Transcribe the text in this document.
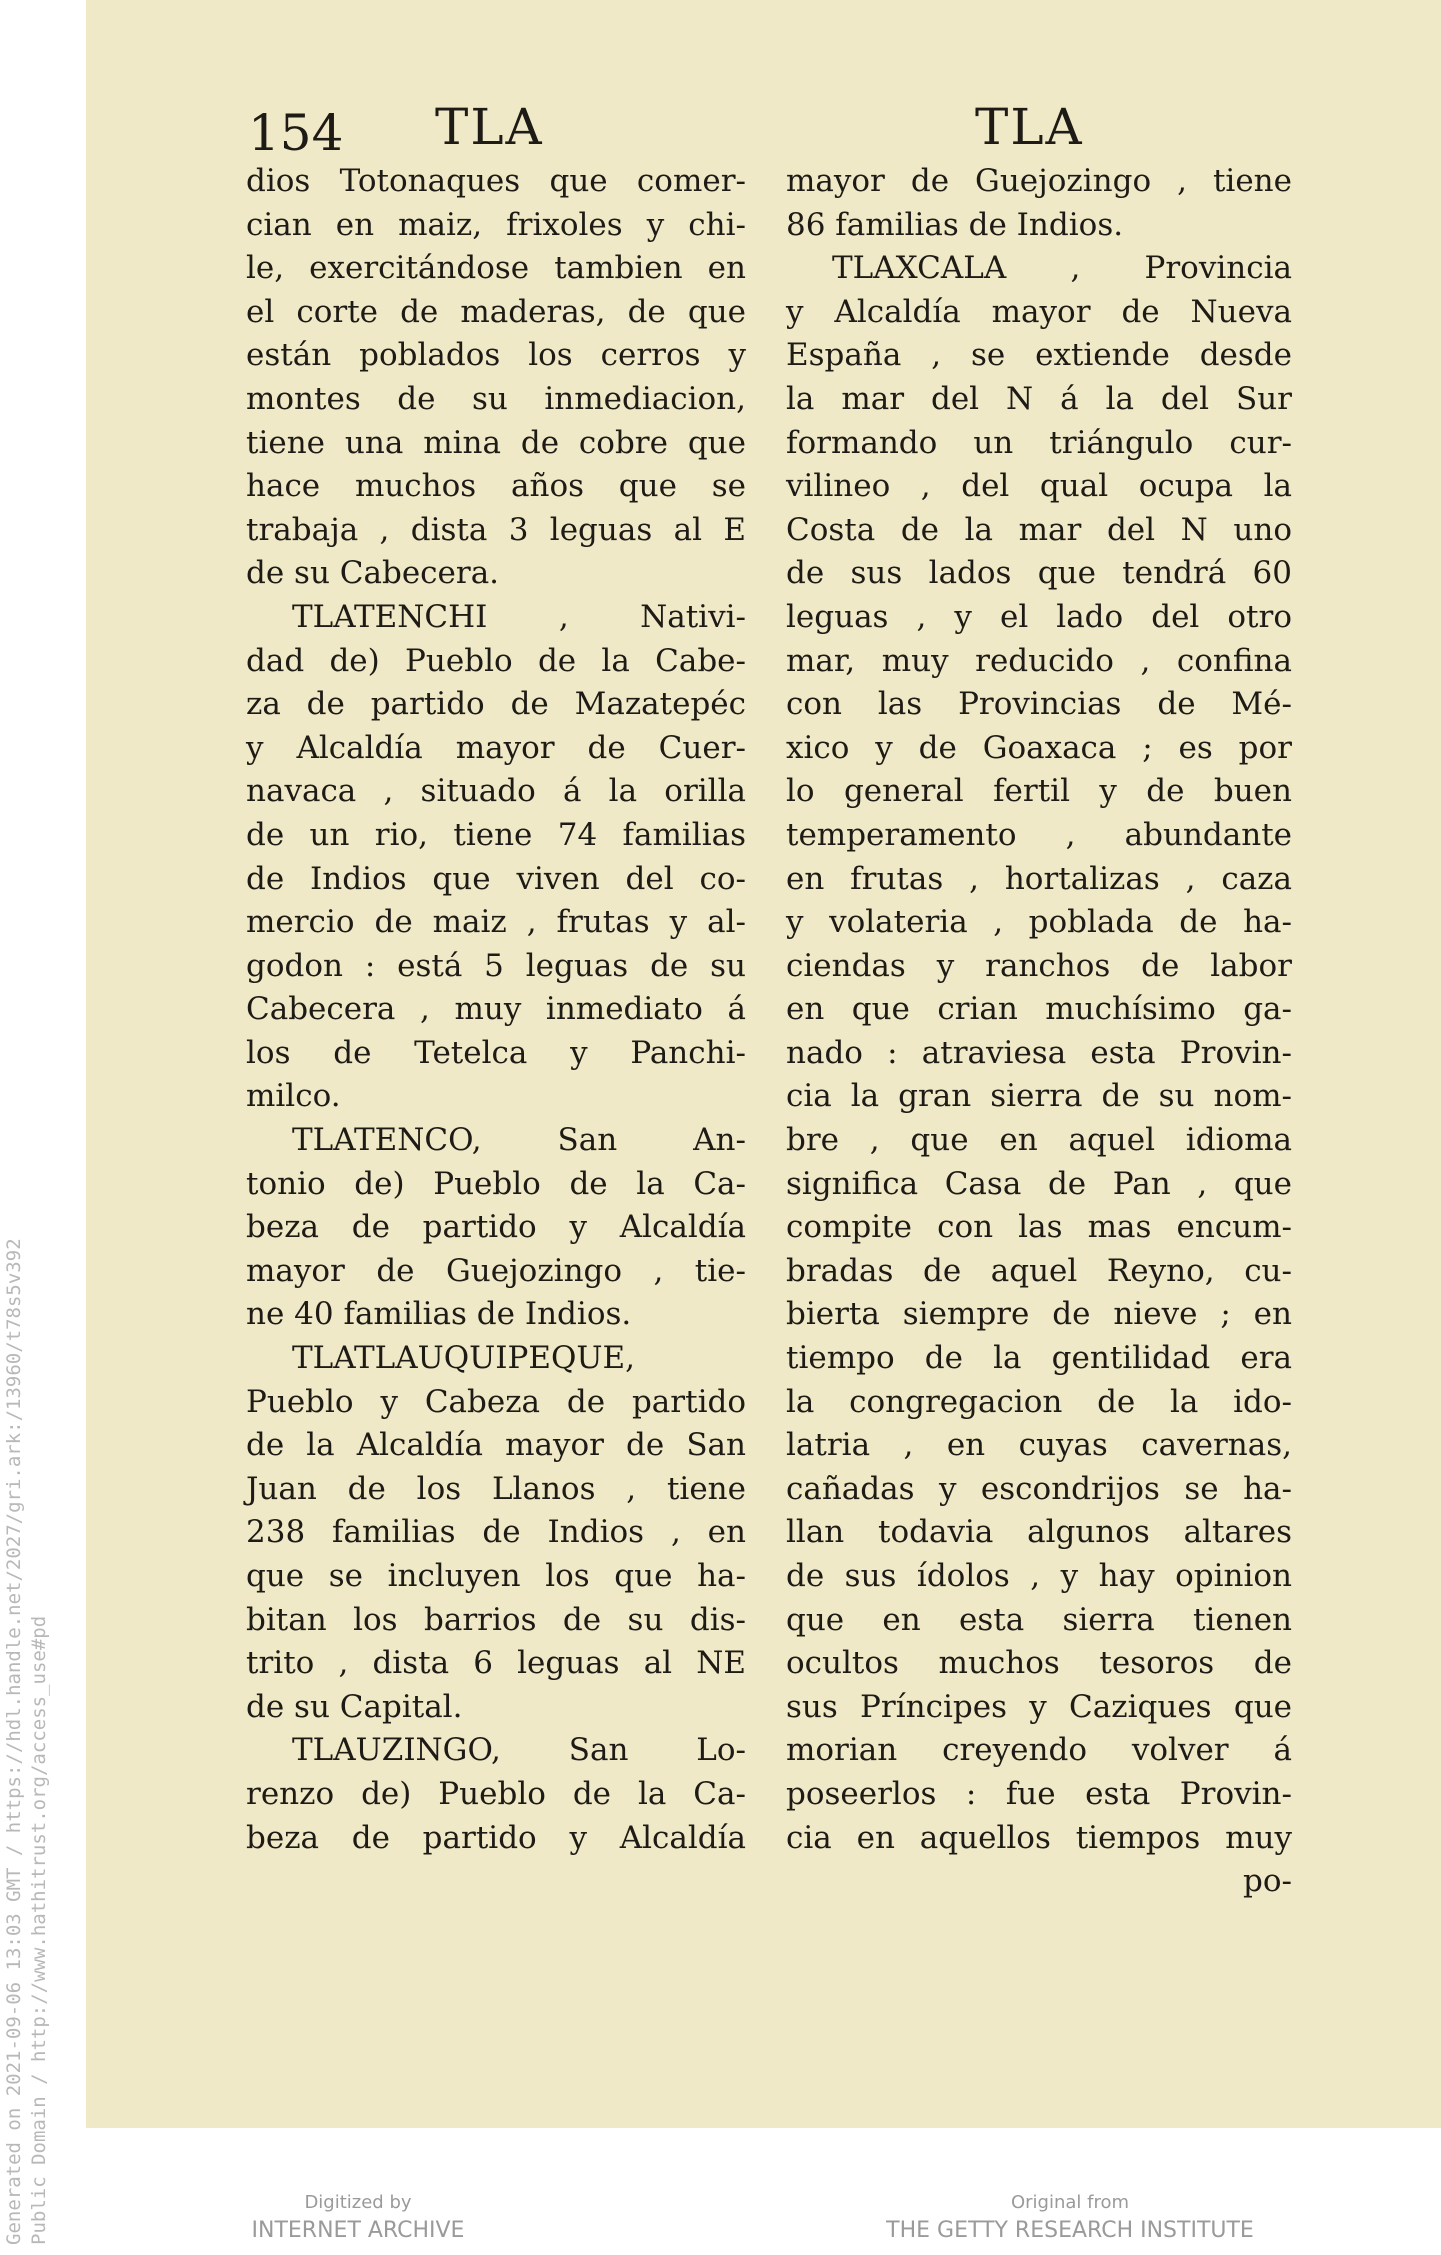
Generated on 2021-09-06 13:03 GMT / https://hdl.handle.net/2027/gri.ark:/13960/t78s5v392 Public Domain / http://www.hathitrust.org/access_use#pd
154 TLA	TLA
dios Totonaques que comer-
cian en maiz, frixoles y chi-
le, exercitándose tambien en
el corte de maderas, de que
están poblados los cerros y
montes de su inmediacion,
tiene una mina de cobre que
hace muchos años que se
trabaja , dista 3 leguas al E
de su Cabecera.
TLATENCHI , Nativi-
dad de) Pueblo de la Cabe-
za de partido de Mazatepéc
y Alcaldía mayor de Cuer-
navaca , situado á la orilla
de un rio, tiene 74 familias
de Indios que viven del co-
mercio de maiz , frutas y al-
godon : está 5 leguas de su
Cabecera , muy inmediato á
los de Tetelca y Panchi-
milco.
TLATENCO, San An-
tonio de) Pueblo de la Ca-
beza de partido y Alcaldía
mayor de Guejozingo , tie-
ne 40 familias de Indios.
TLATLAUQUIPEQUE,
Pueblo y Cabeza de partido
de la Alcaldía mayor de San
Juan de los Llanos , tiene
238 familias de Indios , en
que se incluyen los que ha-
bitan los barrios de su dis-
trito , dista 6 leguas al NE
de su Capital.
TLAUZINGO, San Lo-
renzo de) Pueblo de la Ca-
beza de partido y Alcaldía
mayor de Guejozingo , tiene
86 familias de Indios.
TLAXCALA , Provincia
y Alcaldía mayor de Nueva
España , se extiende desde
la mar del N á la del Sur
formando un triángulo cur-
vilineo , del qual ocupa la
Costa de la mar del N uno
de sus lados que tendrá 60
leguas , y el lado del otro
mar, muy reducido , confina
con las Provincias de Mé-
xico y de Goaxaca ; es por
lo general fertil y de buen
temperamento , abundante
en frutas , hortalizas , caza
y volateria , poblada de ha-
ciendas y ranchos de labor
en que crian muchísimo ga-
nado : atraviesa esta Provin-
cia la gran sierra de su nom-
bre , que en aquel idioma
significa Casa de Pan , que
compite con las mas encum-
bradas de aquel Reyno, cu-
bierta siempre de nieve ; en
tiempo de la gentilidad era
la congregacion de la ido-
latria , en cuyas cavernas,
cañadas y escondrijos se ha-
llan todavia algunos altares
de sus ídolos , y hay opinion
que en esta sierra tienen
ocultos muchos tesoros de
sus Príncipes y Caziques que
morian creyendo volver á
poseerlos : fue esta Provin-
cia en aquellos tiempos muy
po-
Digitized by
INTERNET ARCHIVE
Original from
THE GETTY RESEARCH INSTITUTE
